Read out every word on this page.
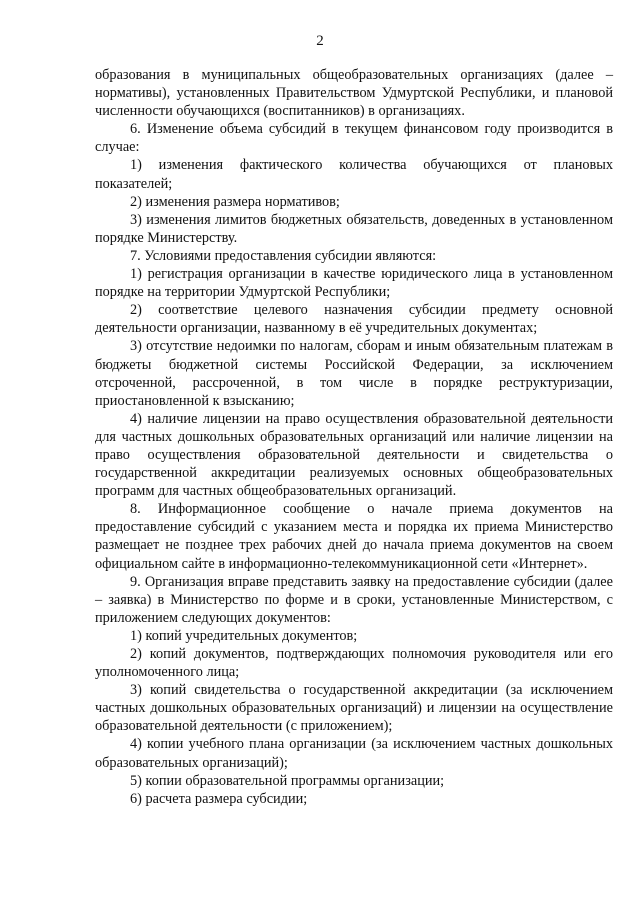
2

образования в муниципальных общеобразовательных организациях (далее – нормативы), установленных Правительством Удмуртской Республики, и плановой численности обучающихся (воспитанников) в организациях.

6. Изменение объема субсидий в текущем финансовом году производится в случае:

1) изменения фактического количества обучающихся от плановых показателей;

2) изменения размера нормативов;

3) изменения лимитов бюджетных обязательств, доведенных в установленном порядке Министерству.

7. Условиями предоставления субсидии являются:

1) регистрация организации в качестве юридического лица в установленном порядке на территории Удмуртской Республики;

2) соответствие целевого назначения субсидии предмету основной деятельности организации, названному в её учредительных документах;

3) отсутствие недоимки по налогам, сборам и иным обязательным платежам в бюджеты бюджетной системы Российской Федерации, за исключением отсроченной, рассроченной, в том числе в порядке реструктуризации, приостановленной к взысканию;

4) наличие лицензии на право осуществления образовательной деятельности для частных дошкольных образовательных организаций или наличие лицензии на право осуществления образовательной деятельности и свидетельства о государственной аккредитации реализуемых основных общеобразовательных программ для частных общеобразовательных организаций.

8. Информационное сообщение о начале приема документов на предоставление субсидий с указанием места и порядка их приема Министерство размещает не позднее трех рабочих дней до начала приема документов на своем официальном сайте в информационно-телекоммуникационной сети «Интернет».

9. Организация вправе представить заявку на предоставление субсидии (далее – заявка) в Министерство по форме и в сроки, установленные Министерством, с приложением следующих документов:

1) копий учредительных документов;

2) копий документов, подтверждающих полномочия руководителя или его уполномоченного лица;

3) копий свидетельства о государственной аккредитации (за исключением частных дошкольных образовательных организаций) и лицензии на осуществление образовательной деятельности (с приложением);

4) копии учебного плана организации (за исключением частных дошкольных образовательных организаций);

5) копии образовательной программы организации;

6) расчета размера субсидии;
